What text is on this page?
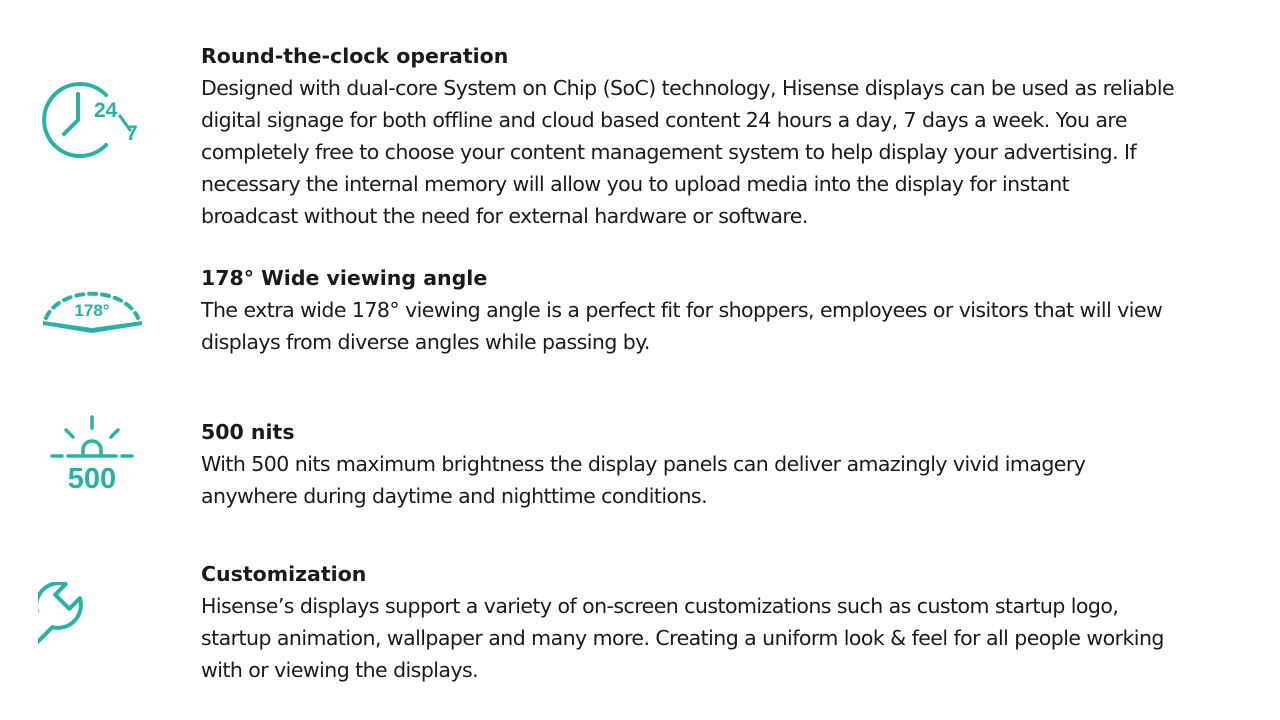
24
7

Round-the-clock operation

Designed with dual-core System on Chip (SoC) technology, Hisense displays can be used as reliable
digital signage for both offline and cloud based content 24 hours a day, 7 days a week. You are
completely free to choose your content management system to help display your advertising. If
necessary the internal memory will allow you to upload media into the display for instant
broadcast without the need for external hardware or software.

178°

178° Wide viewing angle

The extra wide 178° viewing angle is a perfect fit for shoppers, employees or visitors that will view
displays from diverse angles while passing by.

500

500 nits

With 500 nits maximum brightness the display panels can deliver amazingly vivid imagery
anywhere during daytime and nighttime conditions.

Customization

Hisense’s displays support a variety of on-screen customizations such as custom startup logo,
startup animation, wallpaper and many more. Creating a uniform look & feel for all people working
with or viewing the displays.
